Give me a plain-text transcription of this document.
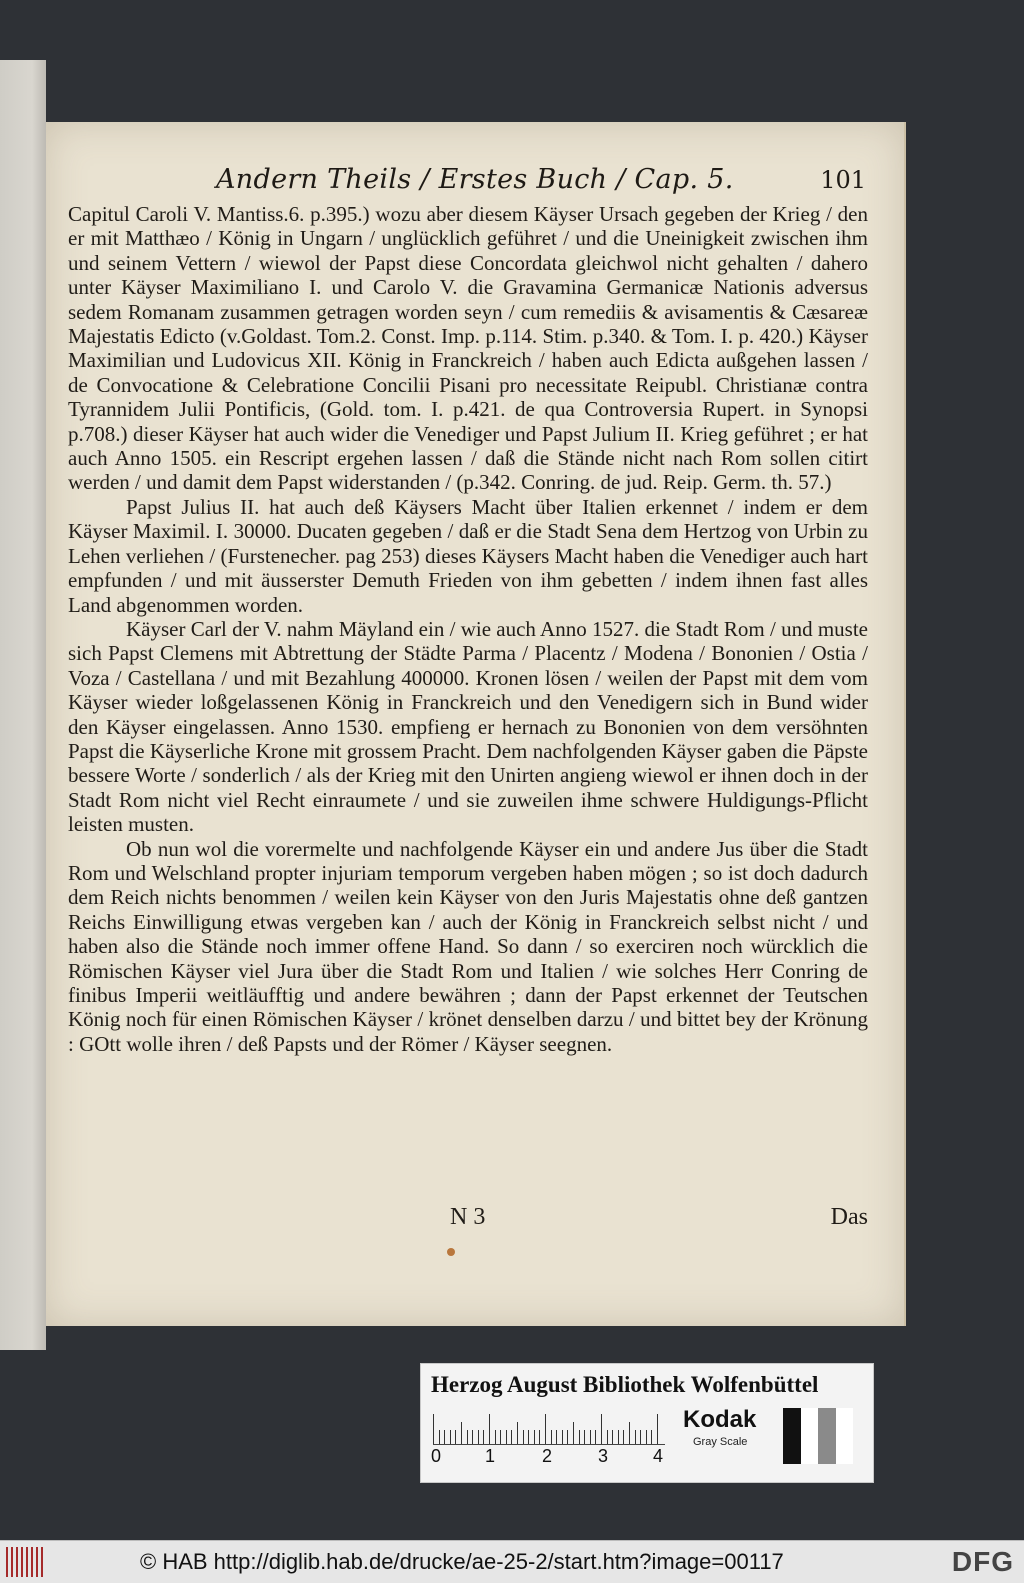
Andern Theils / Erstes Buch / Cap. 5.	101

Capitul Caroli V. Mantiss.6. p.395.) wozu aber diesem Käyser Ursach gegeben der Krieg / den er mit Matthæo / König in Ungarn / unglücklich geführet / und die Uneinigkeit zwischen ihm und seinem Vettern / wiewol der Papst diese Concordata gleichwol nicht gehalten / dahero unter Käyser Maximiliano I. und Carolo V. die Gravamina Germanicæ Nationis adversus sedem Romanam zusammen getragen worden seyn / cum remediis & avisamentis & Cæsareæ Majestatis Edicto (v.Goldast. Tom.2. Const. Imp. p.114. Stim. p.340. & Tom. I. p. 420.) Käyser Maximilian und Ludovicus XII. König in Franckreich / haben auch Edicta außgehen lassen / de Convocatione & Celebratione Concilii Pisani pro necessitate Reipubl. Christianæ contra Tyrannidem Julii Pontificis, (Gold. tom. I. p.421. de qua Controversia Rupert. in Synopsi p.708.) dieser Käyser hat auch wider die Venediger und Papst Julium II. Krieg geführet ; er hat auch Anno 1505. ein Rescript ergehen lassen / daß die Stände nicht nach Rom sollen citirt werden / und damit dem Papst widerstanden / (p.342. Conring. de jud. Reip. Germ. th. 57.)

Papst Julius II. hat auch deß Käysers Macht über Italien erkennet / indem er dem Käyser Maximil. I. 30000. Ducaten gegeben / daß er die Stadt Sena dem Hertzog von Urbin zu Lehen verliehen / (Furstenecher. pag 253) dieses Käysers Macht haben die Venediger auch hart empfunden / und mit äusserster Demuth Frieden von ihm gebetten / indem ihnen fast alles Land abgenommen worden.

Käyser Carl der V. nahm Mäyland ein / wie auch Anno 1527. die Stadt Rom / und muste sich Papst Clemens mit Abtrettung der Städte Parma / Placentz / Modena / Bononien / Ostia / Voza / Castellana / und mit Bezahlung 400000. Kronen lösen / weilen der Papst mit dem vom Käyser wieder loßgelassenen König in Franckreich und den Venedigern sich in Bund wider den Käyser eingelassen. Anno 1530. empfieng er hernach zu Bononien von dem versöhnten Papst die Käyserliche Krone mit grossem Pracht. Dem nachfolgenden Käyser gaben die Päpste bessere Worte / sonderlich / als der Krieg mit den Unirten angieng wiewol er ihnen doch in der Stadt Rom nicht viel Recht einraumete / und sie zuweilen ihme schwere Huldigungs-Pflicht leisten musten.

Ob nun wol die vorermelte und nachfolgende Käyser ein und andere Jus über die Stadt Rom und Welschland propter injuriam temporum vergeben haben mögen ; so ist doch dadurch dem Reich nichts benommen / weilen kein Käyser von den Juris Majestatis ohne deß gantzen Reichs Einwilligung etwas vergeben kan / auch der König in Franckreich selbst nicht / und haben also die Stände noch immer offene Hand. So dann / so exerciren noch würcklich die Römischen Käyser viel Jura über die Stadt Rom und Italien / wie solches Herr Conring de finibus Imperii weitläufftig und andere bewähren ; dann der Papst erkennet der Teutschen König noch für einen Römischen Käyser / krönet denselben darzu / und bittet bey der Krönung : GOtt wolle ihren / deß Papsts und der Römer / Käyser seegnen.

N 3	Das
Herzog August Bibliothek Wolfenbüttel
0 1	2	3 4
Kodak
Gray Scale
© HAB http://diglib.hab.de/drucke/ae-25-2/start.htm?image=00117	DFG
